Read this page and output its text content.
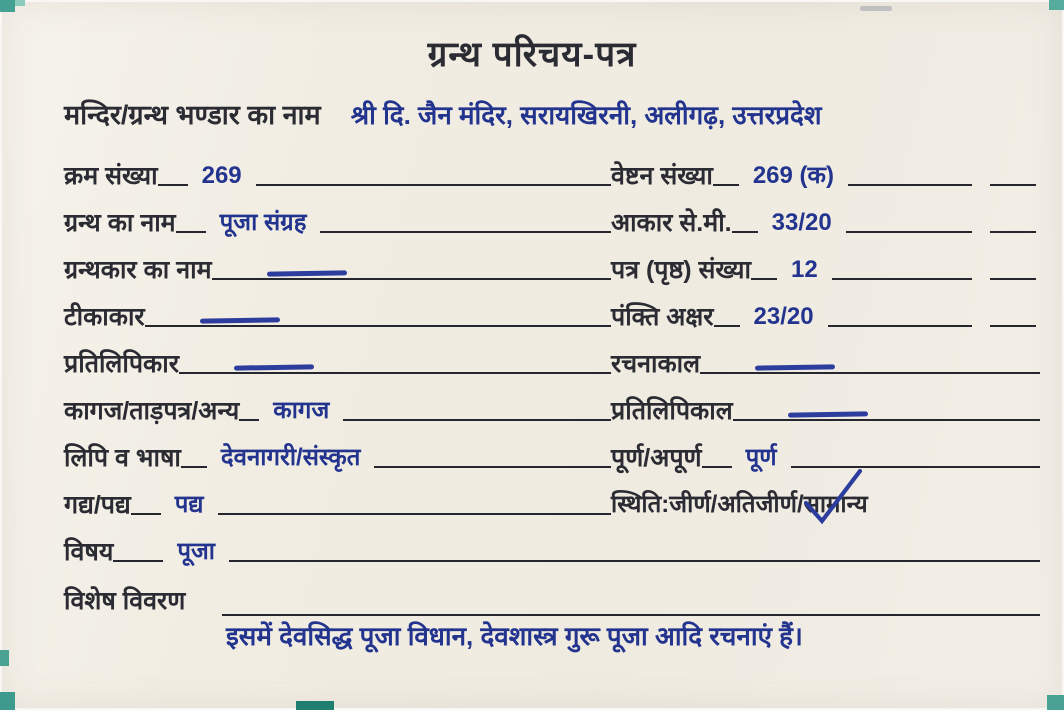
ग्रन्थ परिचय-पत्र
मन्दिर/ग्रन्थ भण्डार का नाम श्री दि. जैन मंदिर, सरायखिरनी, अलीगढ़, उत्तरप्रदेश
क्रम संख्या 269	वेष्टन संख्या 269 (क)
ग्रन्थ का नाम पूजा संग्रह	आकार से.मी. 33/20
ग्रन्थकार का नाम	पत्र (पृष्ठ) संख्या 12
टीकाकार	पंक्ति अक्षर 23/20
प्रतिलिपिकार	रचनाकाल
कागज/ताड़पत्र/अन्य कागज	प्रतिलिपिकाल
लिपि व भाषा देवनागरी/संस्कृत	पूर्ण/अपूर्ण पूर्ण
गद्य/पद्य पद्य	स्थिति:जीर्ण/अतिजीर्ण/ सामान्य
विषय	पूजा
विशेष विवरण
इसमें देवसिद्ध पूजा विधान, देवशास्त्र गुरू पूजा आदि रचनाएं हैं।
